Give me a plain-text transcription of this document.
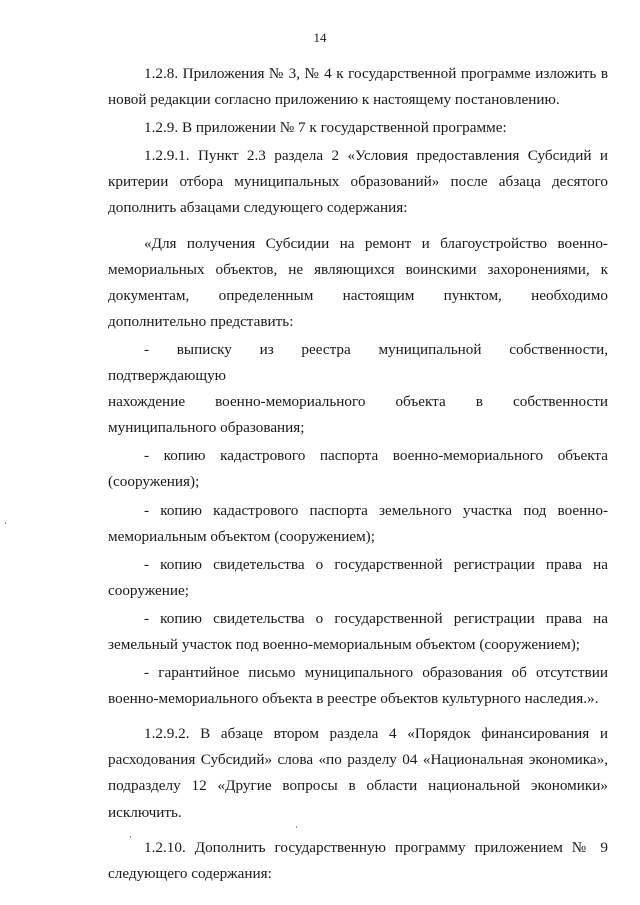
14

1.2.8. Приложения № 3, № 4 к государственной программе изложить в новой редакции согласно приложению к настоящему постановлению.

1.2.9. В приложении № 7 к государственной программе:

1.2.9.1. Пункт 2.3 раздела 2 «Условия предоставления Субсидий и критерии отбора муниципальных образований» после абзаца десятого дополнить абзацами следующего содержания:

«Для получения Субсидии на ремонт и благоустройство военно-мемориальных объектов, не являющихся воинскими захоронениями, к документам, определенным настоящим пунктом, необходимо дополнительно представить:

- выписку из реестра муниципальной собственности, подтверждающую

нахождение военно-мемориального объекта в собственности

муниципального образования;

- копию кадастрового паспорта военно-мемориального объекта (сооружения);

- копию кадастрового паспорта земельного участка под военно-мемориальным объектом (сооружением);

- копию свидетельства о государственной регистрации права на сооружение;

- копию свидетельства о государственной регистрации права на земельный участок под военно-мемориальным объектом (сооружением);

- гарантийное письмо муниципального образования об отсутствии военно-мемориального объекта в реестре объектов культурного наследия.».

1.2.9.2. В абзаце втором раздела 4 «Порядок финансирования и расходования Субсидий» слова «по разделу 04 «Национальная экономика», подразделу 12 «Другие вопросы в области национальной экономики» исключить.

1.2.10. Дополнить государственную программу приложением № 9 следующего содержания:
